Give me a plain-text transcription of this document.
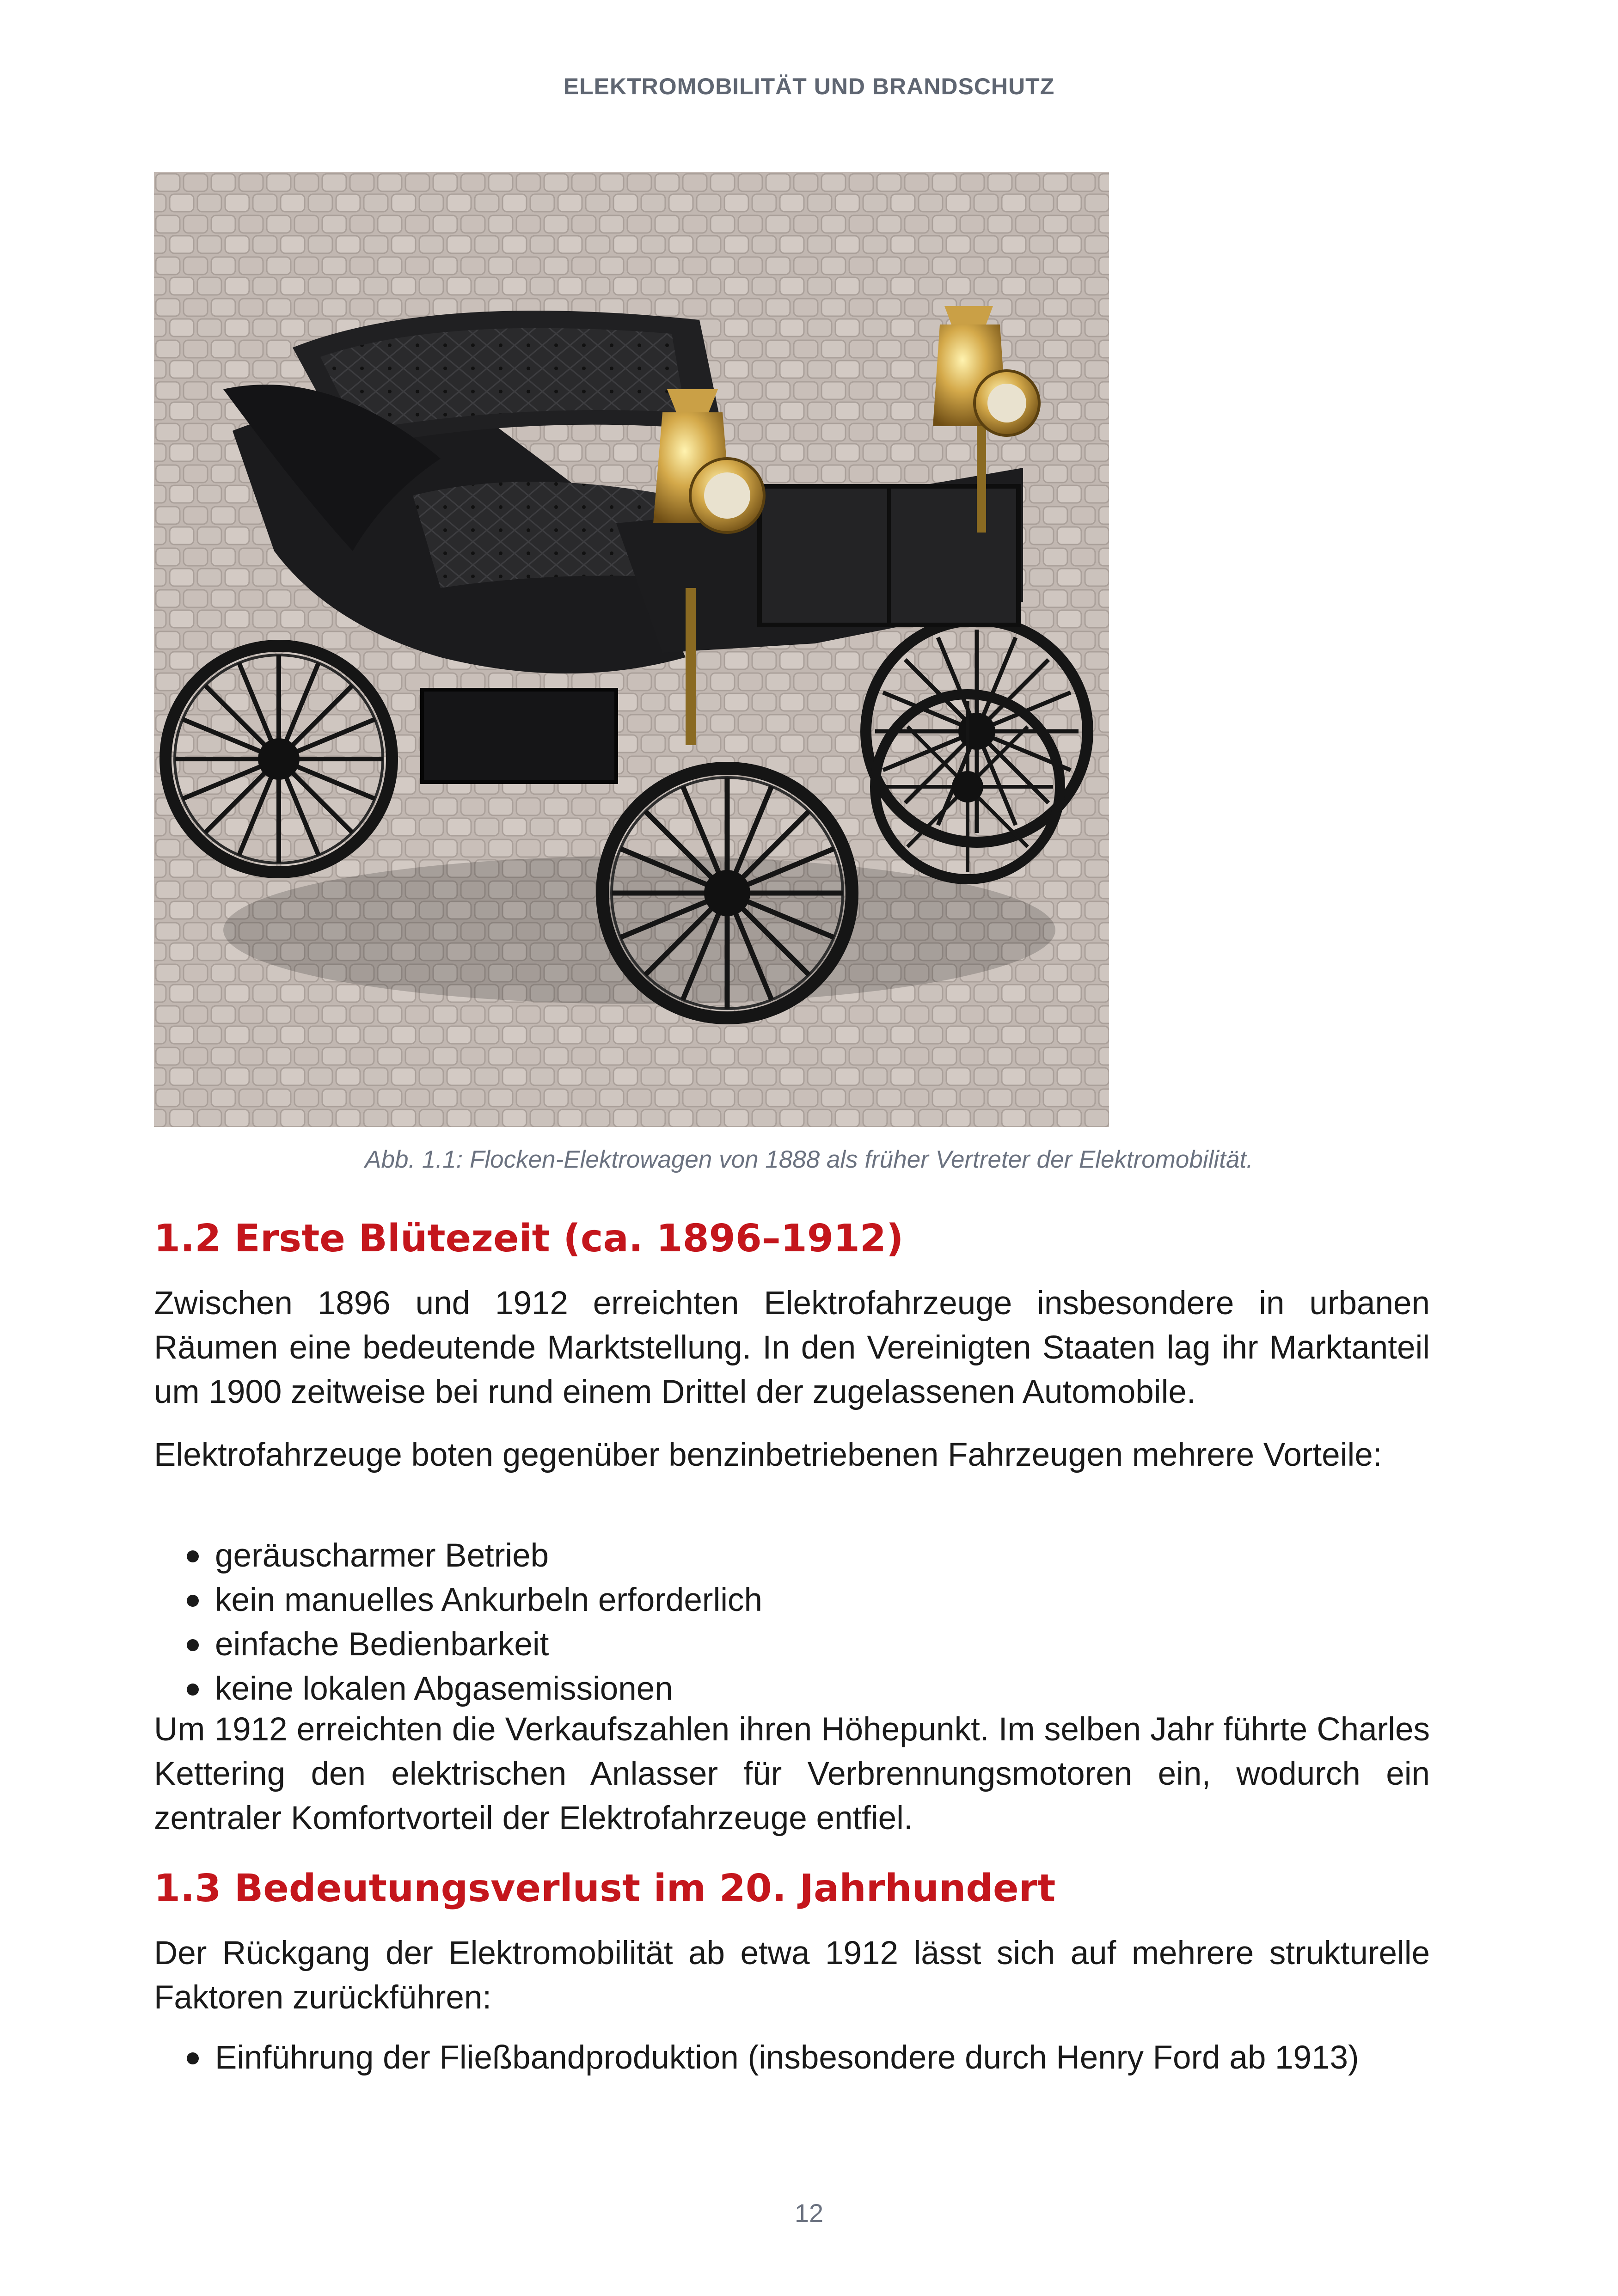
ELEKTROMOBILITÄT UND BRANDSCHUTZ
Abb. 1.1: Flocken-Elektrowagen von 1888 als früher Vertreter der Elektromobilität.
1.2 Erste Blütezeit (ca. 1896–1912)

Zwischen 1896 und 1912 erreichten Elektrofahrzeuge insbesondere in urbanen Räumen eine bedeutende Marktstellung. In den Vereinigten Staaten lag ihr Marktanteil um 1900 zeitweise bei rund einem Drittel der zugelassenen Automobile.

Elektrofahrzeuge boten gegenüber benzinbetriebenen Fahrzeugen mehrere Vorteile:

geräuscharmer Betrieb
kein manuelles Ankurbeln erforderlich
einfache Bedienbarkeit
keine lokalen Abgasemissionen

Um 1912 erreichten die Verkaufszahlen ihren Höhepunkt. Im selben Jahr führte Charles Kettering den elektrischen Anlasser für Verbrennungsmotoren ein, wodurch ein zentraler Komfortvorteil der Elektrofahrzeuge entfiel.

1.3 Bedeutungsverlust im 20. Jahrhundert

Der Rückgang der Elektromobilität ab etwa 1912 lässt sich auf mehrere strukturelle Faktoren zurückführen:

Einführung der Fließbandproduktion (insbesondere durch Henry Ford ab 1913)
12
